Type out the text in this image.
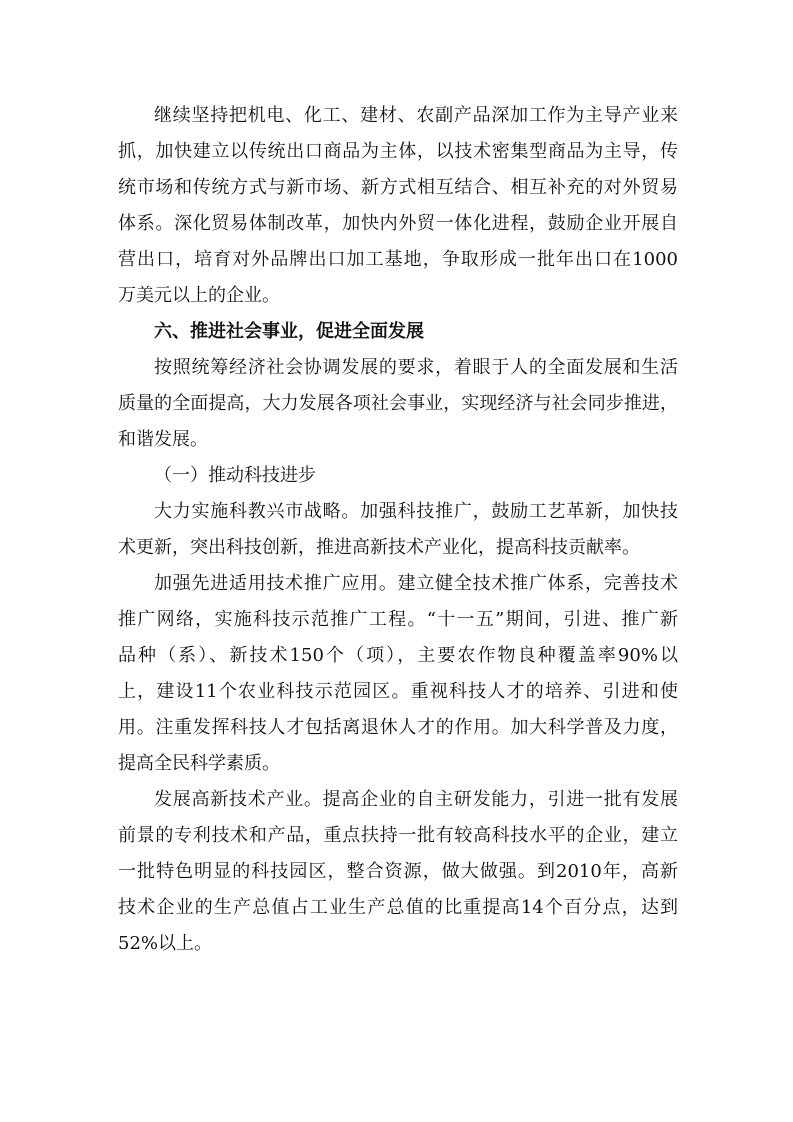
继续坚持把机电、化工、建材、农副产品深加工作为主导产业来
抓，加快建立以传统出口商品为主体，以技术密集型商品为主导，传
统市场和传统方式与新市场、新方式相互结合、相互补充的对外贸易
体系。深化贸易体制改革，加快内外贸一体化进程，鼓励企业开展自
营出口，培育对外品牌出口加工基地，争取形成一批年出口在1000
万美元以上的企业。
六、推进社会事业，促进全面发展
按照统筹经济社会协调发展的要求，着眼于人的全面发展和生活
质量的全面提高，大力发展各项社会事业，实现经济与社会同步推进，
和谐发展。
（一）推动科技进步
大力实施科教兴市战略。加强科技推广，鼓励工艺革新，加快技
术更新，突出科技创新，推进高新技术产业化，提高科技贡献率。
加强先进适用技术推广应用。建立健全技术推广体系，完善技术
推广网络，实施科技示范推广工程。“十一五”期间，引进、推广新
品种（系）、新技术150个（项），主要农作物良种覆盖率90%以
上，建设11个农业科技示范园区。重视科技人才的培养、引进和使
用。注重发挥科技人才包括离退休人才的作用。加大科学普及力度，
提高全民科学素质。
发展高新技术产业。提高企业的自主研发能力，引进一批有发展
前景的专利技术和产品，重点扶持一批有较高科技水平的企业，建立
一批特色明显的科技园区，整合资源，做大做强。到2010年，高新
技术企业的生产总值占工业生产总值的比重提高14个百分点，达到
52%以上。
